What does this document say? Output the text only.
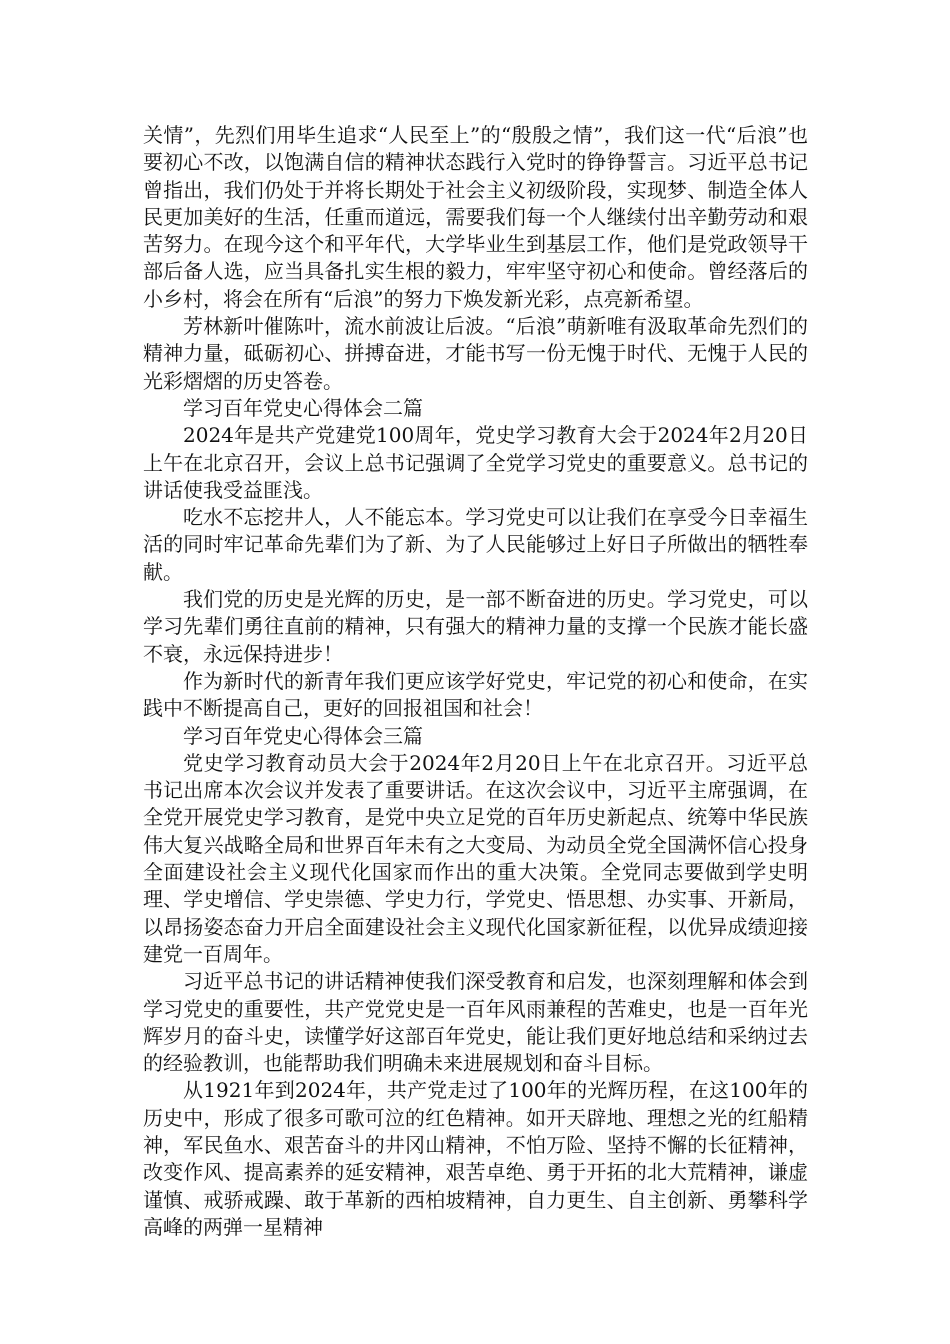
关情”，先烈们用毕生追求“人民至上”的“殷殷之情”，我们这一代“后浪”也要初心不改，以饱满自信的精神状态践行入党时的铮铮誓言。习近平总书记曾指出，我们仍处于并将长期处于社会主义初级阶段，实现梦、制造全体人民更加美好的生活，任重而道远，需要我们每一个人继续付出辛勤劳动和艰苦努力。在现今这个和平年代，大学毕业生到基层工作，他们是党政领导干部后备人选，应当具备扎实生根的毅力，牢牢坚守初心和使命。曾经落后的小乡村，将会在所有“后浪”的努力下焕发新光彩，点亮新希望。

芳林新叶催陈叶，流水前波让后波。“后浪”萌新唯有汲取革命先烈们的精神力量，砥砺初心、拼搏奋进，才能书写一份无愧于时代、无愧于人民的光彩熠熠的历史答卷。

学习百年党史心得体会二篇

2024年是共产党建党100周年，党史学习教育大会于2024年2月20日上午在北京召开，会议上总书记强调了全党学习党史的重要意义。总书记的讲话使我受益匪浅。

吃水不忘挖井人，人不能忘本。学习党史可以让我们在享受今日幸福生活的同时牢记革命先辈们为了新、为了人民能够过上好日子所做出的牺牲奉献。

我们党的历史是光辉的历史，是一部不断奋进的历史。学习党史，可以学习先辈们勇往直前的精神，只有强大的精神力量的支撑一个民族才能长盛不衰，永远保持进步！

作为新时代的新青年我们更应该学好党史，牢记党的初心和使命，在实践中不断提高自己，更好的回报祖国和社会！

学习百年党史心得体会三篇

党史学习教育动员大会于2024年2月20日上午在北京召开。习近平总书记出席本次会议并发表了重要讲话。在这次会议中，习近平主席强调，在全党开展党史学习教育，是党中央立足党的百年历史新起点、统筹中华民族伟大复兴战略全局和世界百年未有之大变局、为动员全党全国满怀信心投身全面建设社会主义现代化国家而作出的重大决策。全党同志要做到学史明理、学史增信、学史崇德、学史力行，学党史、悟思想、办实事、开新局，以昂扬姿态奋力开启全面建设社会主义现代化国家新征程，以优异成绩迎接建党一百周年。

习近平总书记的讲话精神使我们深受教育和启发，也深刻理解和体会到学习党史的重要性，共产党党史是一百年风雨兼程的苦难史，也是一百年光辉岁月的奋斗史，读懂学好这部百年党史，能让我们更好地总结和采纳过去的经验教训，也能帮助我们明确未来进展规划和奋斗目标。

从1921年到2024年，共产党走过了100年的光辉历程，在这100年的历史中，形成了很多可歌可泣的红色精神。如开天辟地、理想之光的红船精神，军民鱼水、艰苦奋斗的井冈山精神，不怕万险、坚持不懈的长征精神，改变作风、提高素养的延安精神，艰苦卓绝、勇于开拓的北大荒精神，谦虚谨慎、戒骄戒躁、敢于革新的西柏坡精神，自力更生、自主创新、勇攀科学高峰的两弹一星精神
